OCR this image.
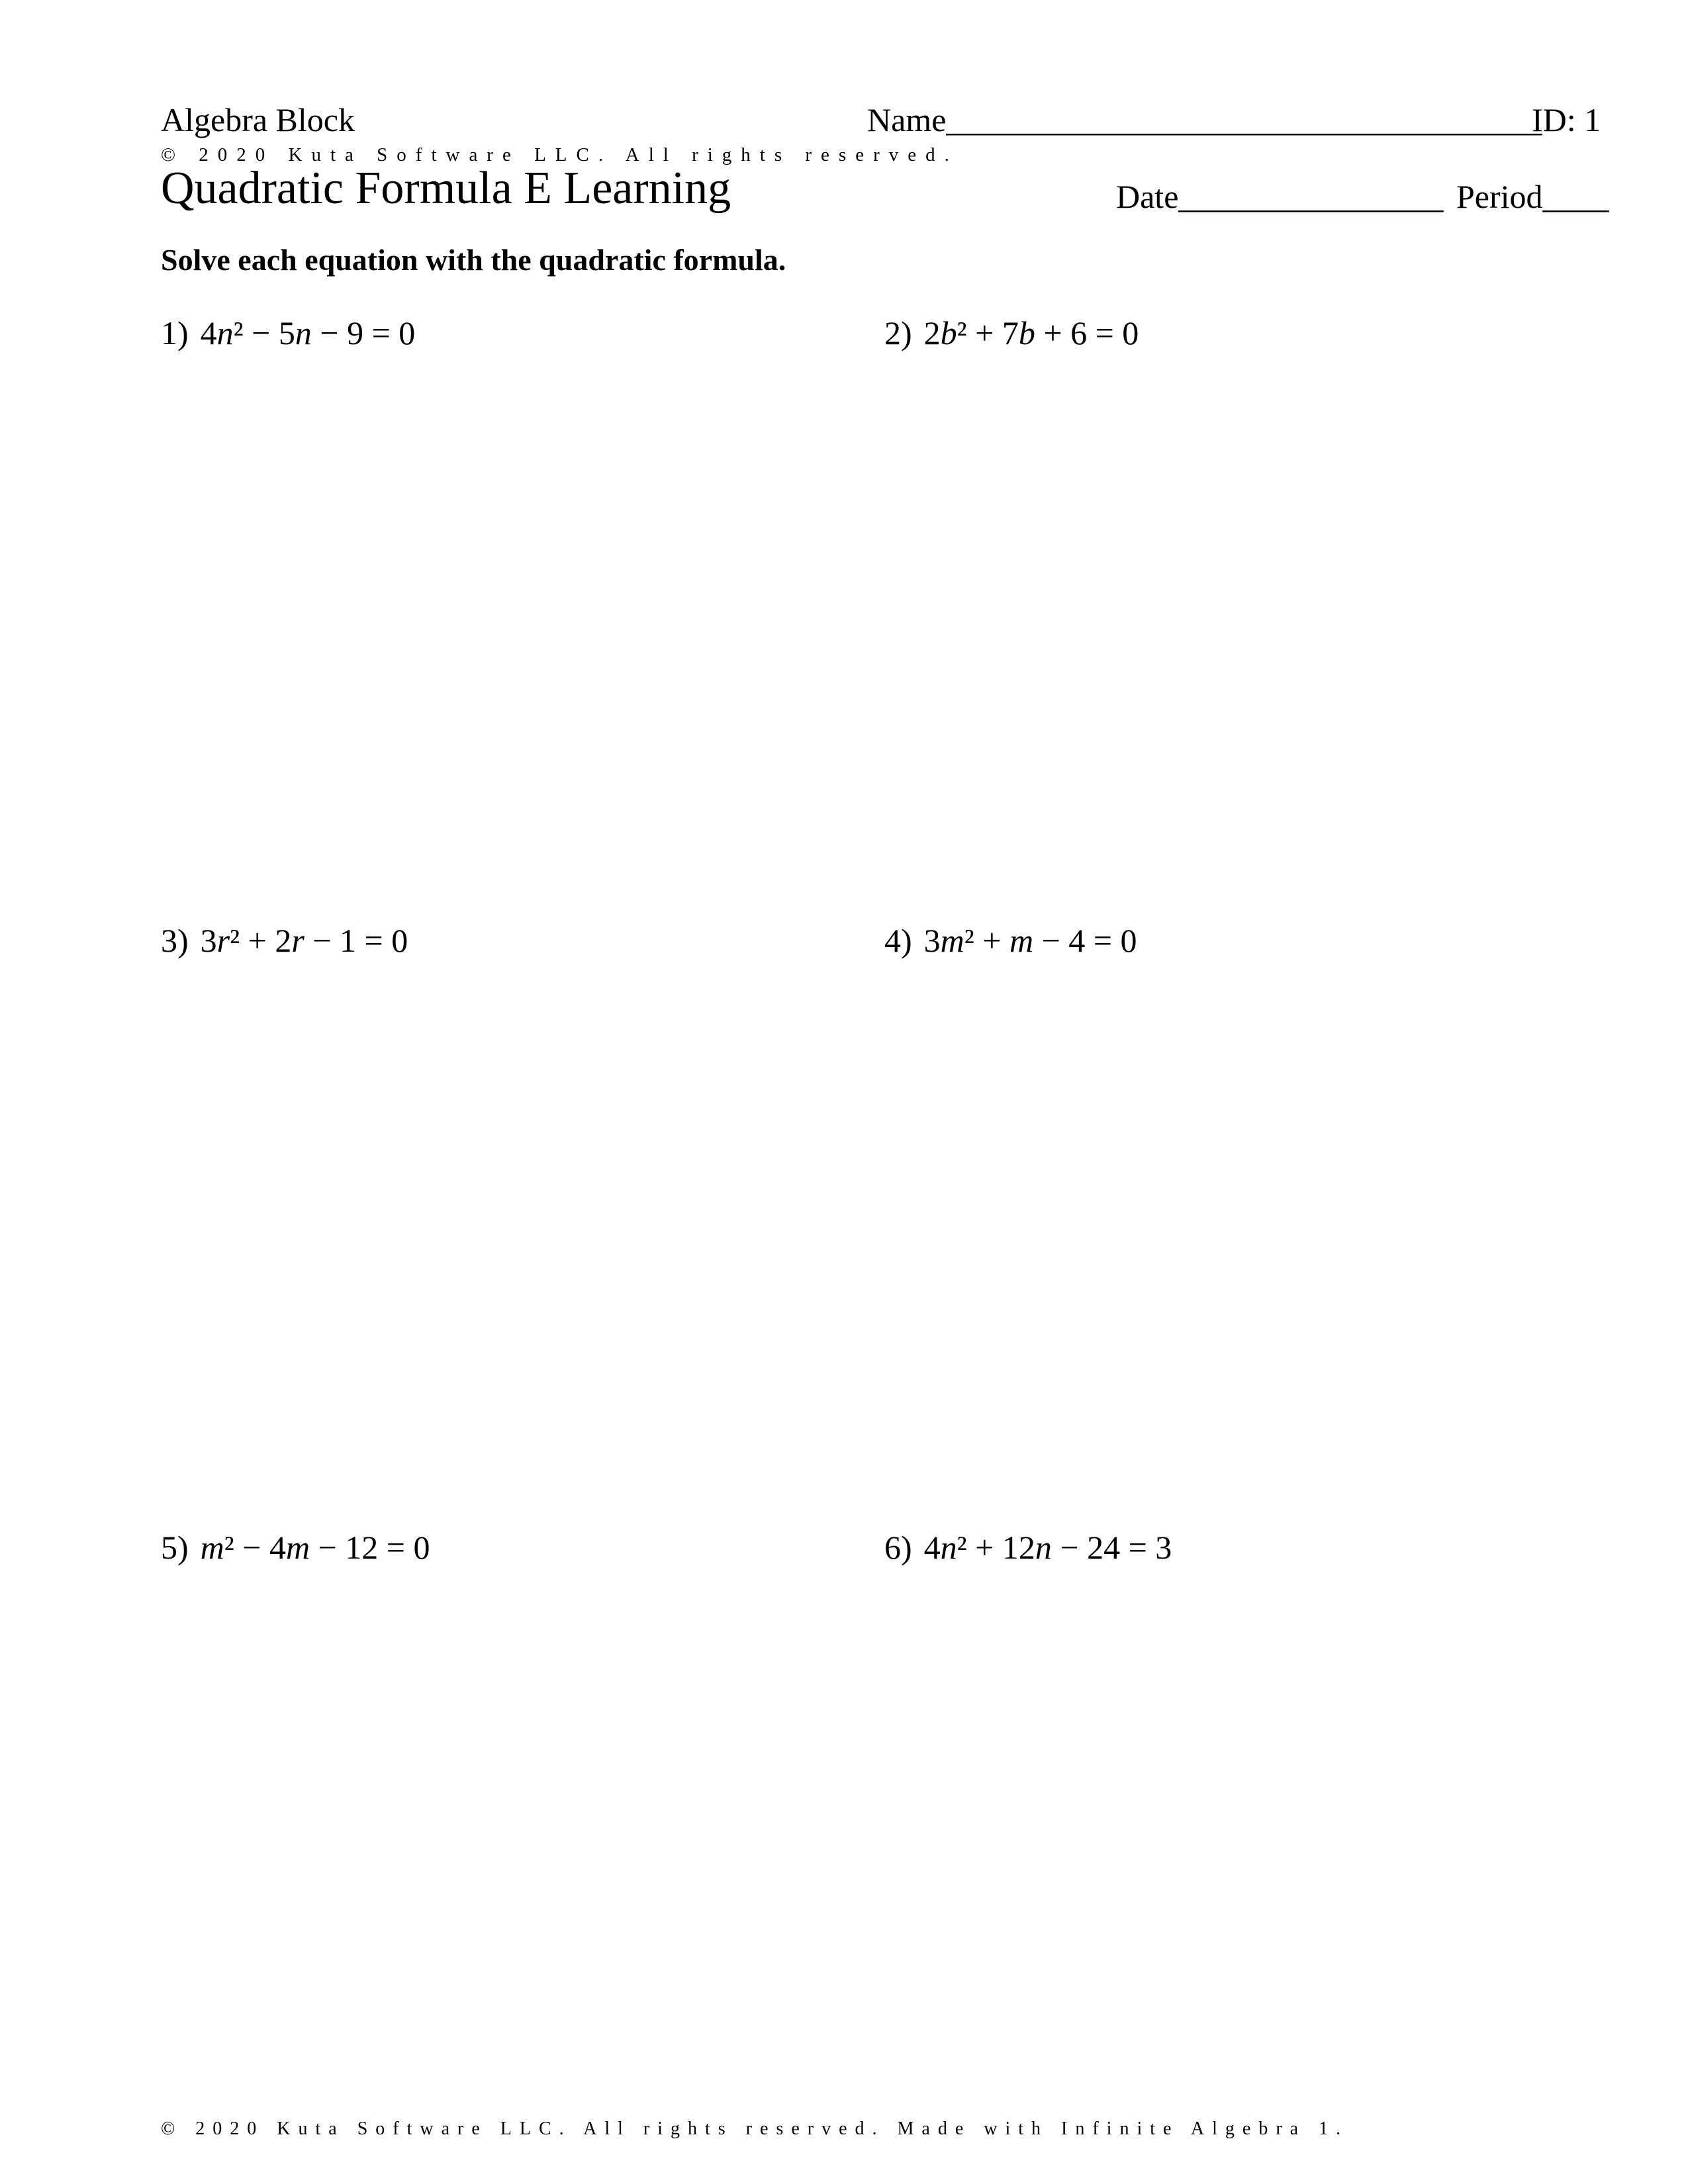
Algebra Block	Name____________________________________
ID: 1
© 2020 Kuta Software LLC. All rights reserved.
Quadratic Formula E Learning	Date________________ Period____
Solve each equation with the quadratic formula.
1) 4n² − 5n − 9 = 0	2) 2b² + 7b + 6 = 0
3) 3r² + 2r − 1 = 0	4) 3m² + m − 4 = 0
5) m² − 4m − 12 = 0	6) 4n² + 12n − 24 = 3
© 2020 Kuta Software LLC. All rights reserved. Made with Infinite Algebra 1.
